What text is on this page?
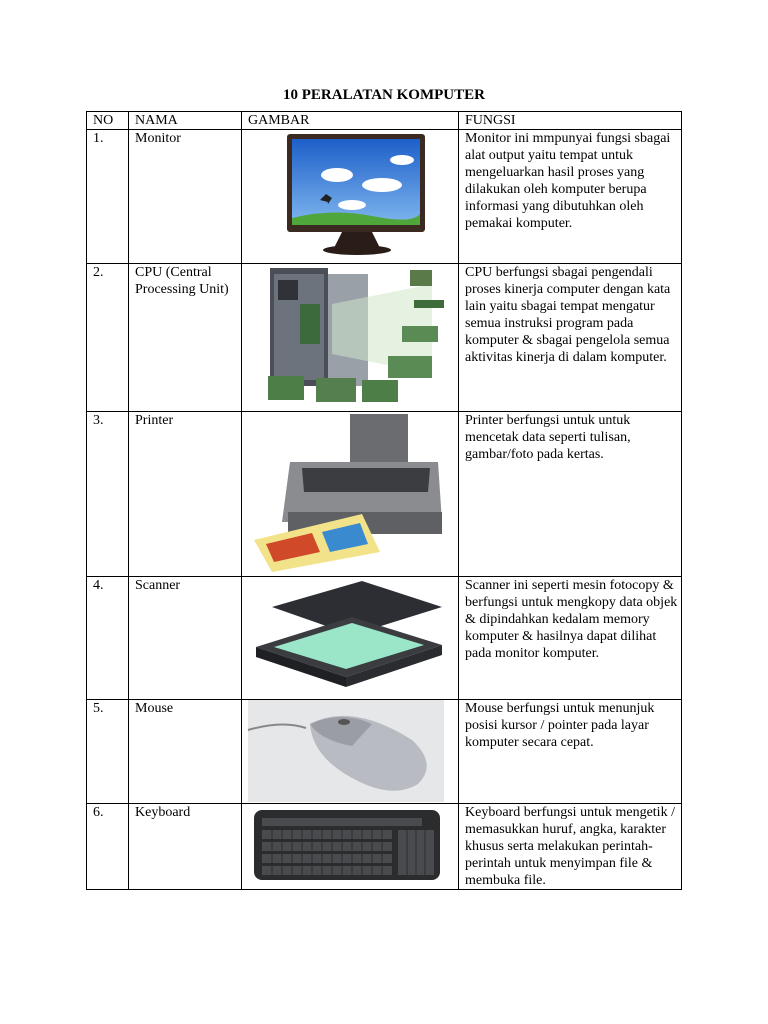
10 PERALATAN KOMPUTER
NO	NAMA	GAMBAR	FUNGSI
1.	Monitor		Monitor ini mmpunyai fungsi sbagai alat output yaitu tempat untuk mengeluarkan hasil proses yang dilakukan oleh komputer berupa informasi yang dibutuhkan oleh pemakai komputer.
2.	CPU (Central Processing Unit)		CPU berfungsi sbagai pengendali proses kinerja computer dengan kata lain yaitu sbagai tempat mengatur semua instruksi program pada komputer & sbagai pengelola semua aktivitas kinerja di dalam komputer.
3.	Printer		Printer berfungsi untuk untuk mencetak data seperti tulisan, gambar/foto pada kertas.
4.	Scanner		Scanner ini seperti mesin fotocopy & berfungsi untuk mengkopy data objek & dipindahkan kedalam memory komputer & hasilnya dapat dilihat pada monitor komputer.
5.	Mouse		Mouse berfungsi untuk menunjuk posisi kursor / pointer pada layar komputer secara cepat.
6.	Keyboard		Keyboard berfungsi untuk mengetik / memasukkan huruf, angka, karakter khusus serta melakukan perintah-perintah untuk menyimpan file & membuka file.
